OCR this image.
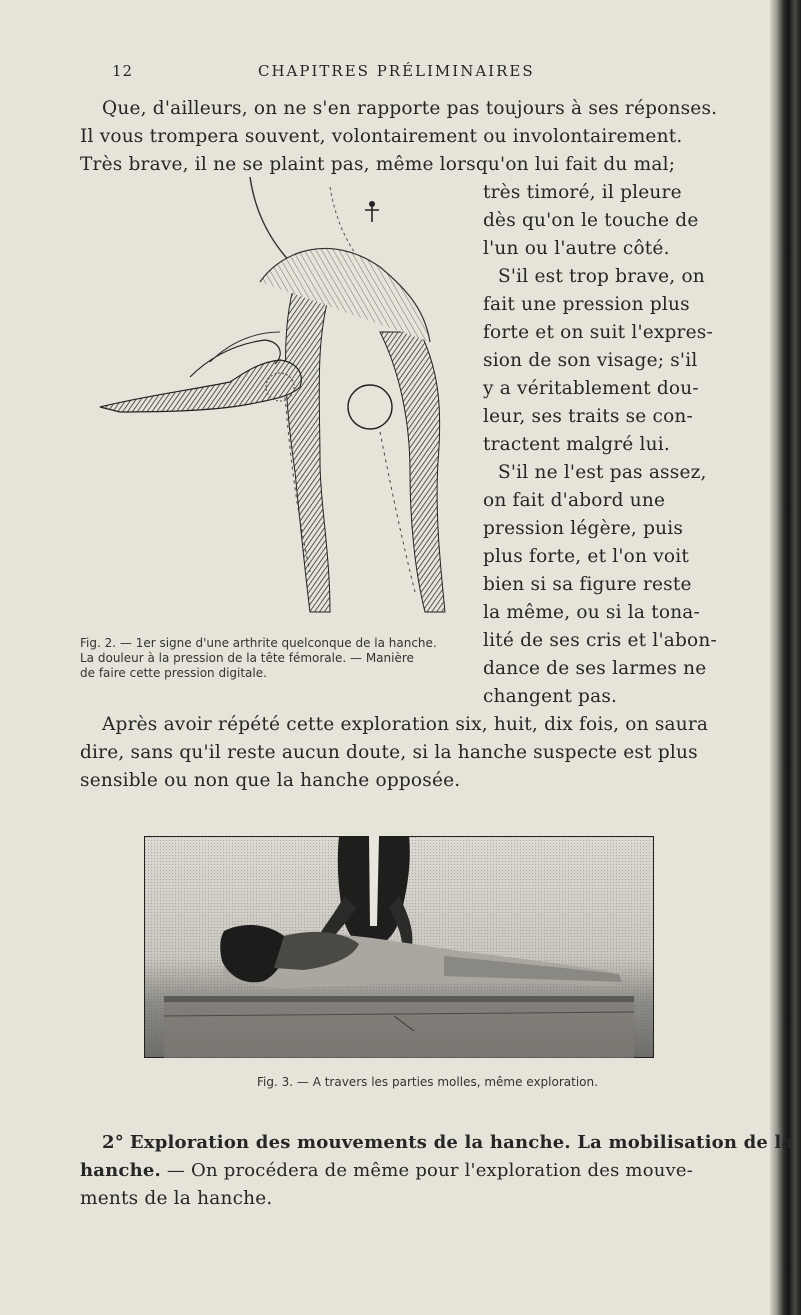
12	CHAPITRES PRÉLIMINAIRES
Que, d'ailleurs, on ne s'en rapporte pas toujours à ses réponses.
Il vous trompera souvent, volontairement ou involontairement.
Très brave, il ne se plaint pas, même lorsqu'on lui fait du mal;
très timoré, il pleure
dès qu'on le touche de
l'un ou l'autre côté.
S'il est trop brave, on
fait une pression plus
forte et on suit l'expres-
sion de son visage; s'il
y a véritablement dou-
leur, ses traits se con-
tractent malgré lui.
S'il ne l'est pas assez,
on fait d'abord une
pression légère, puis
plus forte, et l'on voit
bien si sa figure reste
la même, ou si la tona-
lité de ses cris et l'abon-
dance de ses larmes ne
changent pas.
Fig. 2. — 1er signe d'une arthrite quelconque de la hanche.
La douleur à la pression de la tête fémorale. — Manière
de faire cette pression digitale.
Après avoir répété cette exploration six, huit, dix fois, on saura
dire, sans qu'il reste aucun doute, si la hanche suspecte est plus
sensible ou non que la hanche opposée.
Fig. 3. — A travers les parties molles, même exploration.
2° Exploration des mouvements de la hanche. La mobilisation de la
hanche. — On procédera de même pour l'exploration des mouve-
ments de la hanche.
